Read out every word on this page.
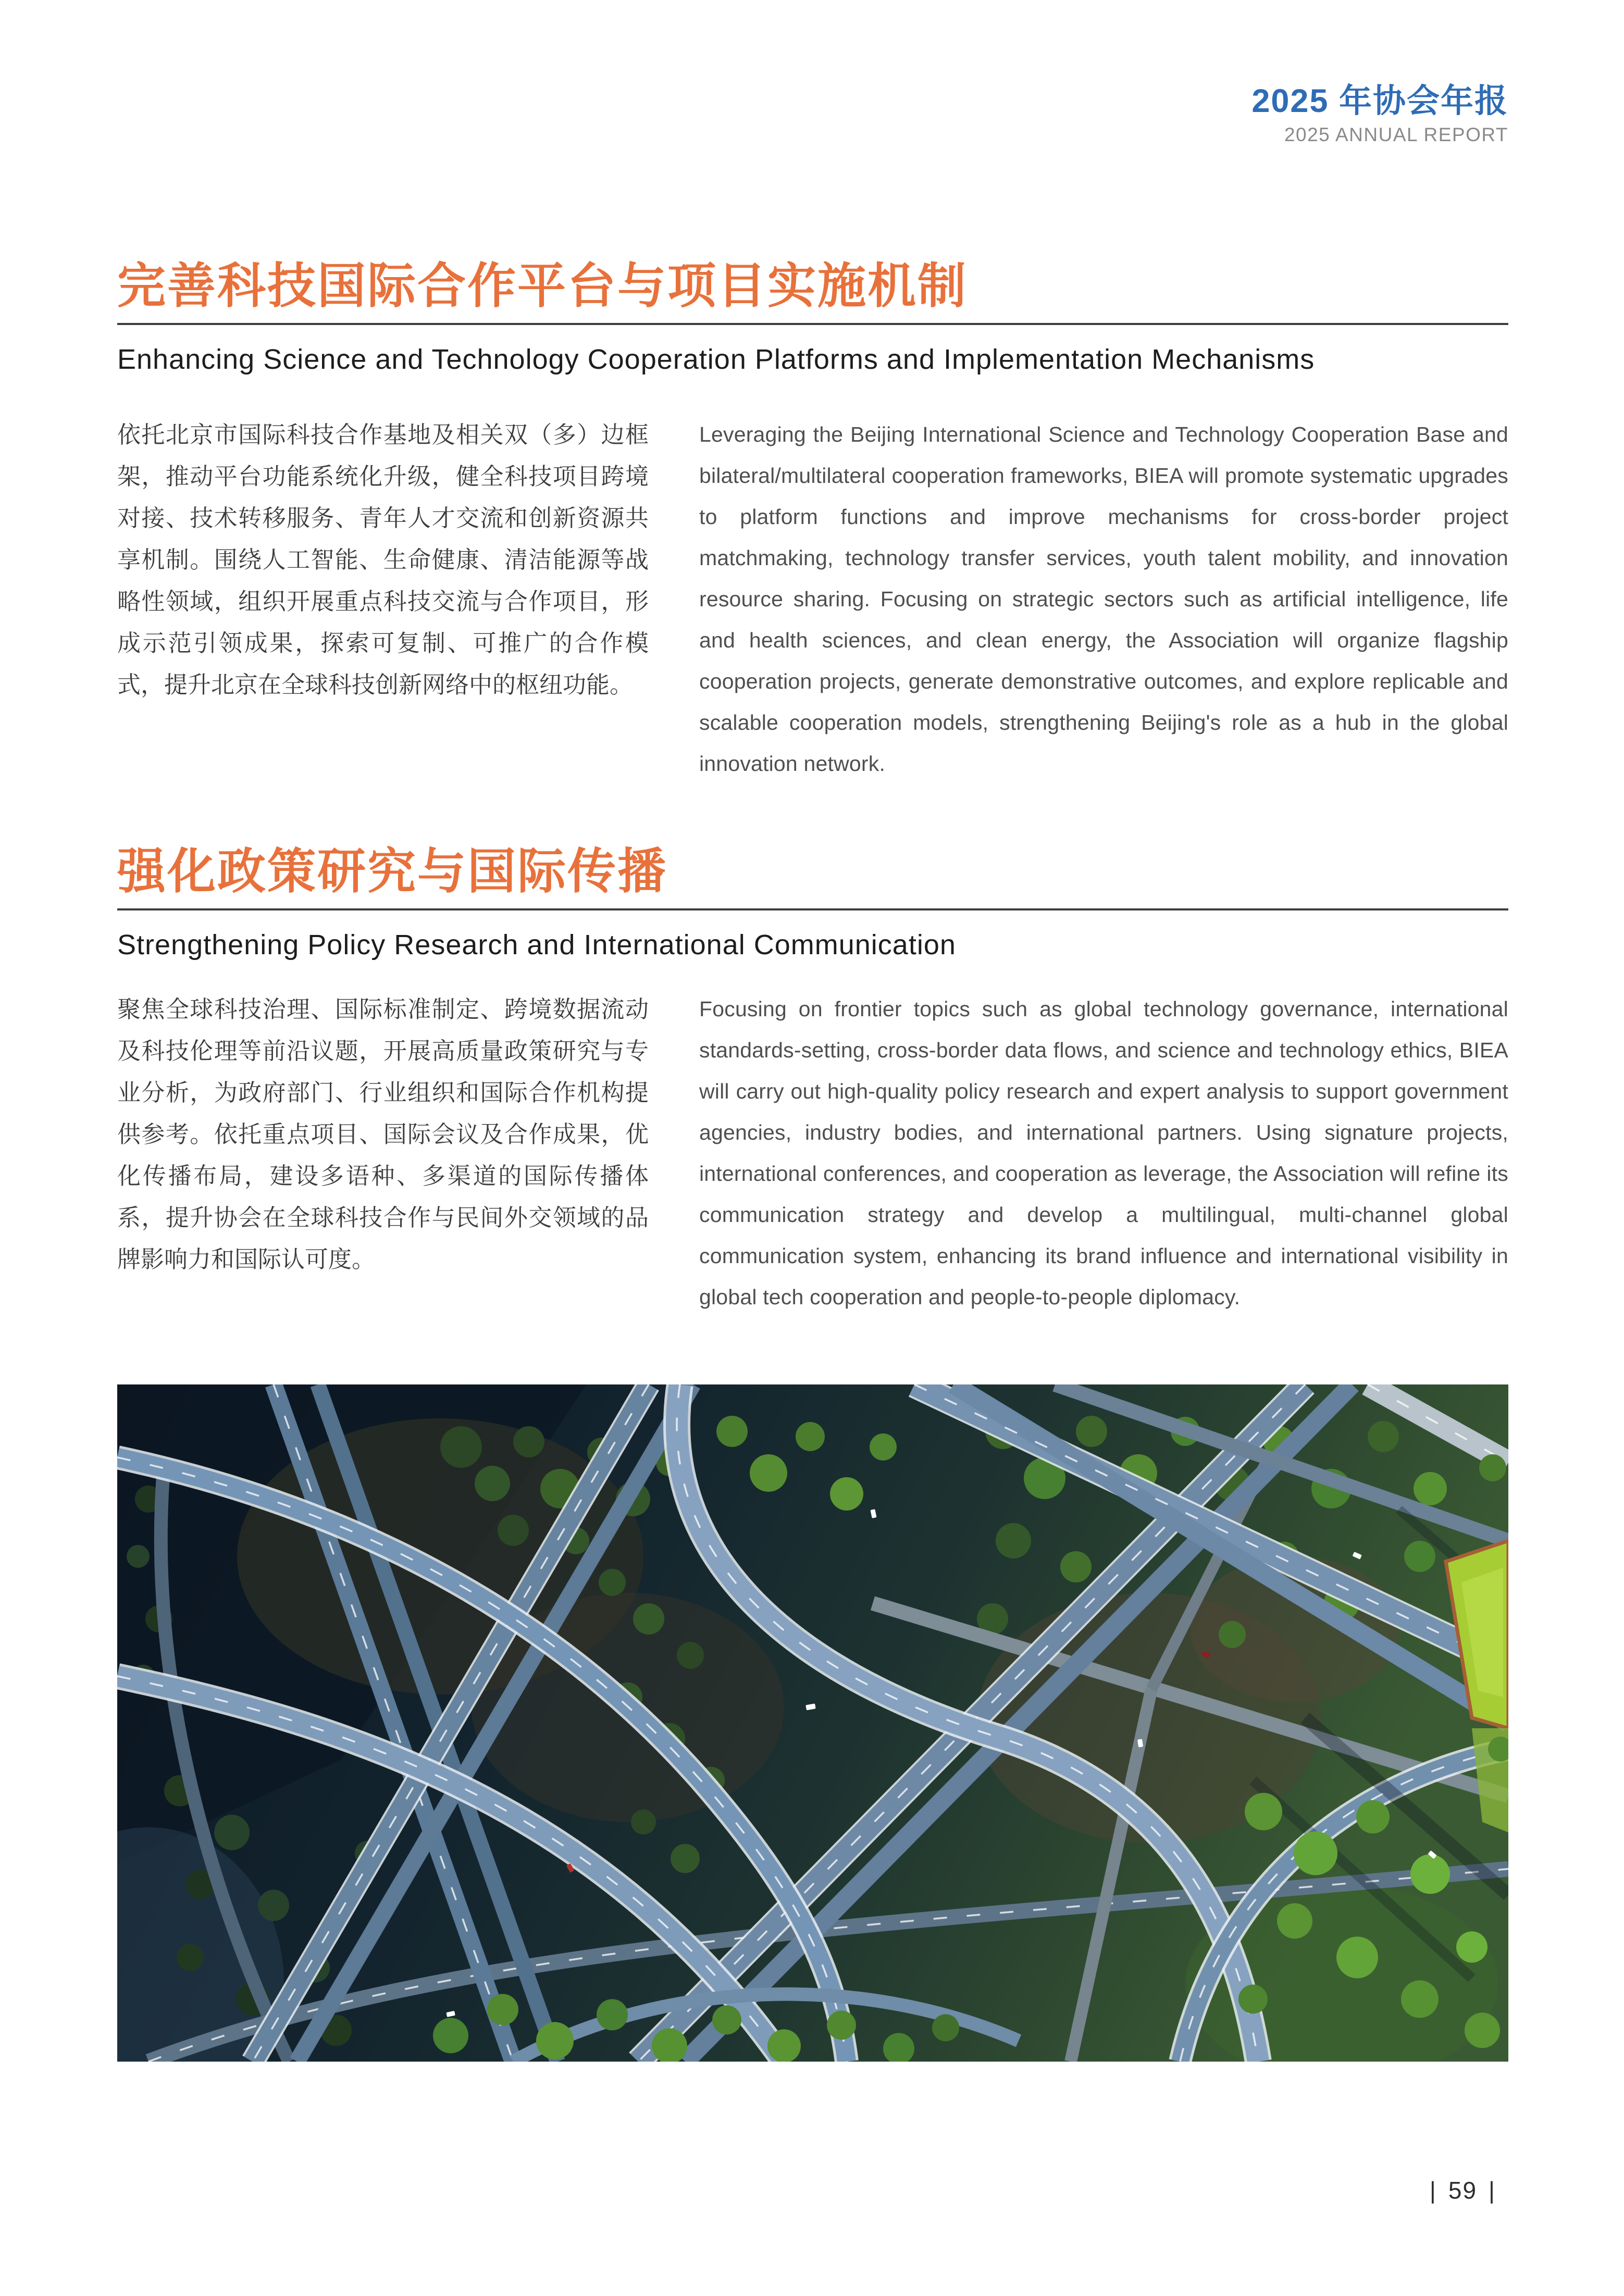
2025 年协会年报
2025 ANNUAL REPORT
完善科技国际合作平台与项目实施机制
Enhancing Science and Technology Cooperation Platforms and Implementation Mechanisms

依托北京市国际科技合作基地及相关双（多）边框架，推动平台功能系统化升级，健全科技项目跨境对接、技术转移服务、青年人才交流和创新资源共享机制。围绕人工智能、生命健康、清洁能源等战略性领域，组织开展重点科技交流与合作项目，形成示范引领成果，探索可复制、可推广的合作模式，提升北京在全球科技创新网络中的枢纽功能。

Leveraging the Beijing International Science and Technology Cooperation Base and bilateral/multilateral cooperation frameworks, BIEA will promote systematic upgrades to platform functions and improve mechanisms for cross-border project matchmaking, technology transfer services, youth talent mobility, and innovation resource sharing. Focusing on strategic sectors such as artificial intelligence, life and health sciences, and clean energy, the Association will organize flagship cooperation projects, generate demonstrative outcomes, and explore replicable and scalable cooperation models, strengthening Beijing's role as a hub in the global innovation network.

强化政策研究与国际传播
Strengthening Policy Research and International Communication

聚焦全球科技治理、国际标准制定、跨境数据流动及科技伦理等前沿议题，开展高质量政策研究与专业分析，为政府部门、行业组织和国际合作机构提供参考。依托重点项目、国际会议及合作成果，优化传播布局，建设多语种、多渠道的国际传播体系，提升协会在全球科技合作与民间外交领域的品牌影响力和国际认可度。

Focusing on frontier topics such as global technology governance, international standards-setting, cross-border data flows, and science and technology ethics, BIEA will carry out high-quality policy research and expert analysis to support government agencies, industry bodies, and international partners. Using signature projects, international conferences, and cooperation as leverage, the Association will refine its communication strategy and develop a multilingual, multi-channel global communication system, enhancing its brand influence and international visibility in global tech cooperation and people-to-people diplomacy.

| 59 |
